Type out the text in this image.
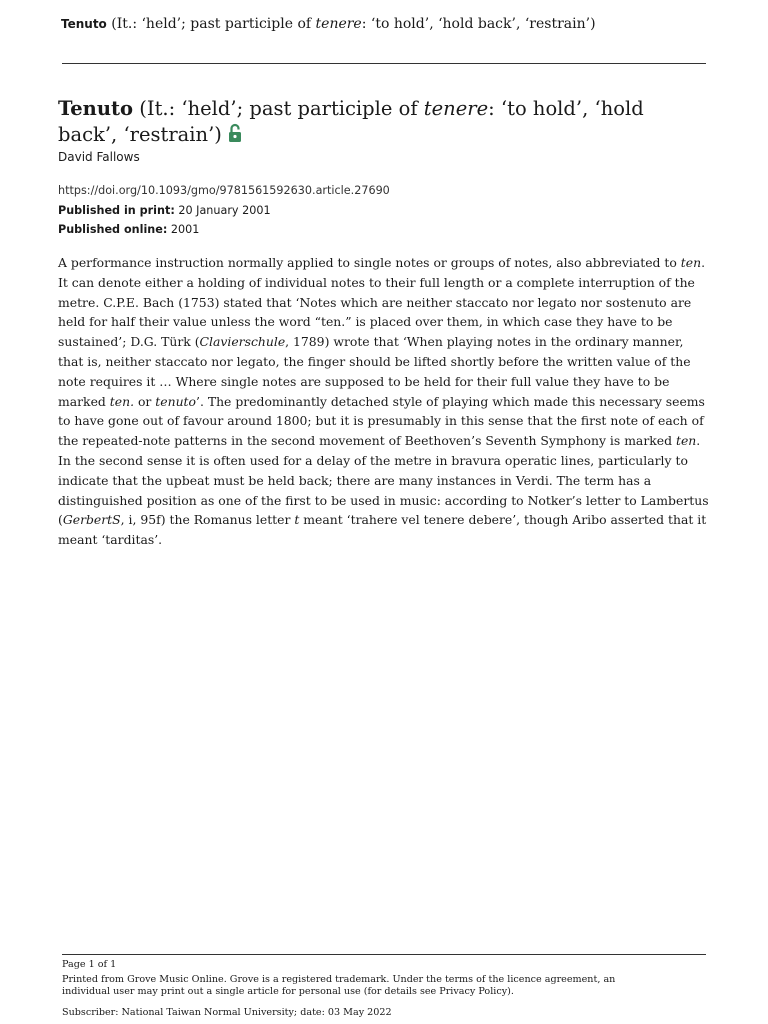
Tenuto (It.: ‘held’; past participle of tenere: ‘to hold’, ‘hold back’, ‘restrain’)
Tenuto (It.: ‘held’; past participle of tenere: ‘to hold’, ‘hold back’, ‘restrain’)
David Fallows
https://doi.org/10.1093/gmo/9781561592630.article.27690
Published in print: 20 January 2001
Published online: 2001

A performance instruction normally applied to single notes or groups of notes, also abbreviated to ten. It can denote either a holding of individual notes to their full length or a complete interruption of the metre. C.P.E. Bach (1753) stated that ‘Notes which are neither staccato nor legato nor sostenuto are held for half their value unless the word “ten.” is placed over them, in which case they have to be sustained’; D.G. Türk (Clavierschule, 1789) wrote that ‘When playing notes in the ordinary manner, that is, neither staccato nor legato, the finger should be lifted shortly before the written value of the note requires it … Where single notes are supposed to be held for their full value they have to be marked ten. or tenuto’. The predominantly detached style of playing which made this necessary seems to have gone out of favour around 1800; but it is presumably in this sense that the first note of each of the repeated-note patterns in the second movement of Beethoven’s Seventh Symphony is marked ten. In the second sense it is often used for a delay of the metre in bravura operatic lines, particularly to indicate that the upbeat must be held back; there are many instances in Verdi. The term has a distinguished position as one of the first to be used in music: according to Notker’s letter to Lambertus (GerbertS, i, 95f) the Romanus letter t meant ‘trahere vel tenere debere’, though Aribo asserted that it meant ‘tarditas’.

Page 1 of 1
Printed from Grove Music Online. Grove is a registered trademark. Under the terms of the licence agreement, an
individual user may print out a single article for personal use (for details see Privacy Policy).
Subscriber: National Taiwan Normal University; date: 03 May 2022
